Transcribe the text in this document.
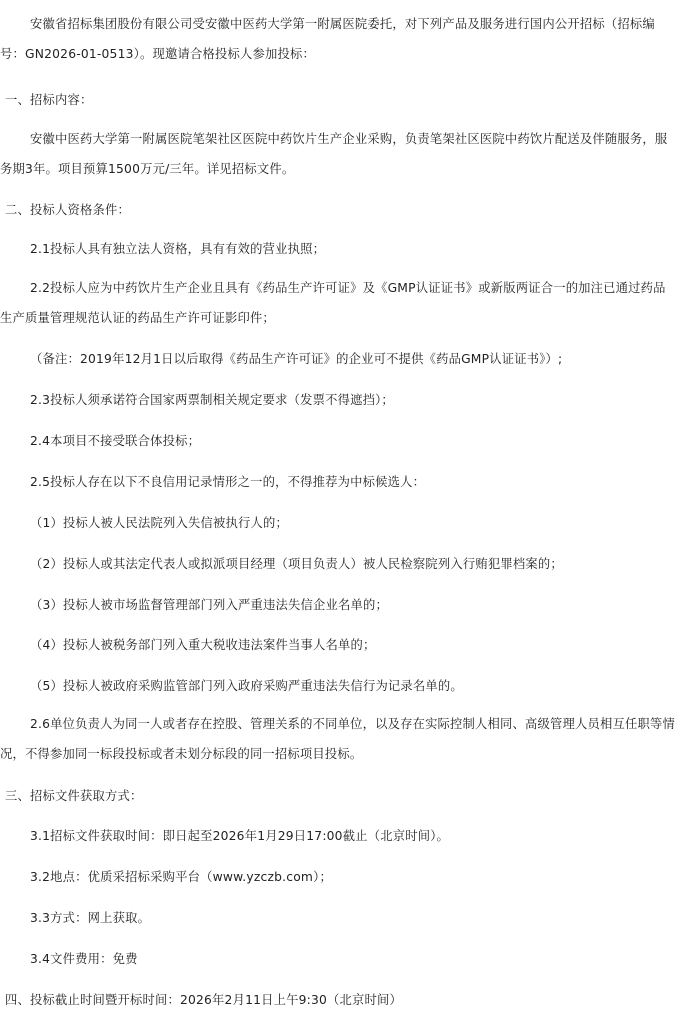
安徽省招标集团股份有限公司受安徽中医药大学第一附属医院委托，对下列产品及服务进行国内公开招标（招标编号：GN2026-01-0513）。现邀请合格投标人参加投标：

一、招标内容：

安徽中医药大学第一附属医院笔架社区医院中药饮片生产企业采购，负责笔架社区医院中药饮片配送及伴随服务，服务期3年。项目预算1500万元/三年。详见招标文件。

二、投标人资格条件：

2.1投标人具有独立法人资格，具有有效的营业执照；

2.2投标人应为中药饮片生产企业且具有《药品生产许可证》及《GMP认证证书》或新版两证合一的加注已通过药品生产质量管理规范认证的药品生产许可证影印件；

（备注：2019年12月1日以后取得《药品生产许可证》的企业可不提供《药品GMP认证证书》）;

2.3投标人须承诺符合国家两票制相关规定要求（发票不得遮挡）；

2.4本项目不接受联合体投标；

2.5投标人存在以下不良信用记录情形之一的，不得推荐为中标候选人：

（1）投标人被人民法院列入失信被执行人的；

（2）投标人或其法定代表人或拟派项目经理（项目负责人）被人民检察院列入行贿犯罪档案的；

（3）投标人被市场监督管理部门列入严重违法失信企业名单的；

（4）投标人被税务部门列入重大税收违法案件当事人名单的；

（5）投标人被政府采购监管部门列入政府采购严重违法失信行为记录名单的。

2.6单位负责人为同一人或者存在控股、管理关系的不同单位，以及存在实际控制人相同、高级管理人员相互任职等情况，不得参加同一标段投标或者未划分标段的同一招标项目投标。

三、招标文件获取方式：

3.1招标文件获取时间：即日起至2026年1月29日17:00截止（北京时间）。

3.2地点：优质采招标采购平台（www.yzczb.com）；

3.3方式：网上获取。

3.4文件费用：免费

四、投标截止时间暨开标时间：2026年2月11日上午9:30（北京时间）
